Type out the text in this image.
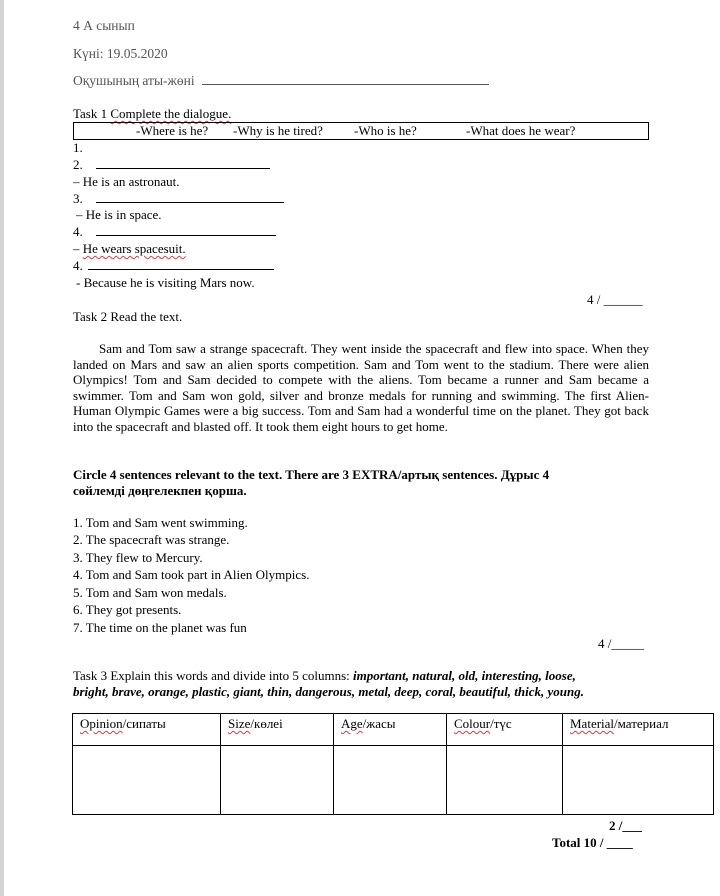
4 А сынып
Күні: 19.05.2020
Оқушының аты-жөні
Task 1 Complete the dialogue.
-Where is he? -Why is he tired? -Who is he?	-What does he wear?
1.
2.
– He is an astronaut.
3.
– He is in space.
4.
– He wears spacesuit.
4.
- Because he is visiting Mars now.
4 / ______
Task 2 Read the text.
Sam and Tom saw a strange spacecraft. They went inside the spacecraft and flew into space. When they landed on Mars and saw an alien sports competition. Sam and Tom went to the stadium. There were alien Olympics! Tom and Sam decided to compete with the aliens. Tom became a runner and Sam became a swimmer. Tom and Sam won gold, silver and bronze medals for running and swimming. The first Alien-Human Olympic Games were a big success. Tom and Sam had a wonderful time on the planet. They got back into the spacecraft and blasted off. It took them eight hours to get home.
Circle 4 sentences relevant to the text. There are 3 EXTRA/артық sentences. Дұрыс 4
сөйлемді дөңгелекпен қорша.
1. Tom and Sam went swimming.
2. The spacecraft was strange.
3. They flew to Mercury.
4. Tom and Sam took part in Alien Olympics.
5. Tom and Sam won medals.
6. They got presents.
7. The time on the planet was fun
4 /_____
Task 3 Explain this words and divide into 5 columns: important, natural, old, interesting, loose,
bright, brave, orange, plastic, giant, thin, dangerous, metal, deep, coral, beautiful, thick, young.
Opinion/сипаты	Size/көлеі	Age/жасы	Colour/түс	Material/материал

2 /___
Total 10 / ____
